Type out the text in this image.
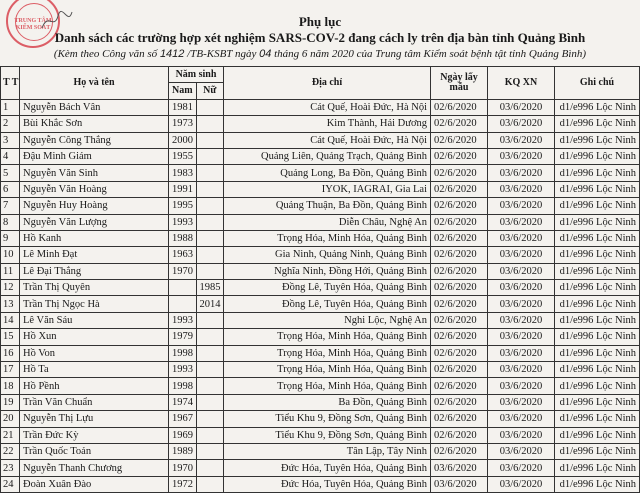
TRUNG TÂM KIỂM SOÁT	Phụ lục
Danh sách các trường hợp xét nghiệm SARS-COV-2 đang cách ly trên địa bàn tỉnh Quảng Bình
(Kèm theo Công văn số 1412 /TB-KSBT ngày 04 tháng 6 năm 2020 của Trung tâm Kiểm soát bệnh tật tỉnh Quảng Bình)
T T	Họ và tên	Năm sinh		Địa chỉ	Ngày lấy mẫu	KQ XN	Ghi chú
		Nam	Nữ				
1	Nguyễn Bách Vân	1981		Cát Quế, Hoài Đức, Hà Nội	02/6/2020	03/6/2020	d1/e996 Lộc Ninh
2	Bùi Khắc Sơn	1973		Kim Thành, Hải Dương	02/6/2020	03/6/2020	d1/e996 Lộc Ninh
3	Nguyễn Công Thắng	2000		Cát Quế, Hoài Đức, Hà Nội	02/6/2020	03/6/2020	d1/e996 Lộc Ninh
4	Đậu Minh Giám	1955		Quảng Liên, Quảng Trạch, Quảng Bình	02/6/2020	03/6/2020	d1/e996 Lộc Ninh
5	Nguyễn Văn Sinh	1983		Quảng Long, Ba Đồn, Quảng Bình	02/6/2020	03/6/2020	d1/e996 Lộc Ninh
6	Nguyễn Văn Hoàng	1991		IYOK, IAGRAI, Gia Lai	02/6/2020	03/6/2020	d1/e996 Lộc Ninh
7	Nguyễn Huy Hoàng	1995		Quảng Thuận, Ba Đồn, Quảng Bình	02/6/2020	03/6/2020	d1/e996 Lộc Ninh
8	Nguyễn Văn Lượng	1993		Diễn Châu, Nghệ An	02/6/2020	03/6/2020	d1/e996 Lộc Ninh
9	Hồ Kanh	1988		Trọng Hóa, Minh Hóa, Quảng Bình	02/6/2020	03/6/2020	d1/e996 Lộc Ninh
10	Lê Minh Đạt	1963		Gia Ninh, Quảng Ninh, Quảng Bình	02/6/2020	03/6/2020	d1/e996 Lộc Ninh
11	Lê Đại Thắng	1970		Nghĩa Ninh, Đồng Hới, Quảng Bình	02/6/2020	03/6/2020	d1/e996 Lộc Ninh
12	Trần Thị Quyên		1985	Đồng Lê, Tuyên Hóa, Quảng Bình	02/6/2020	03/6/2020	d1/e996 Lộc Ninh
13	Trần Thị Ngọc Hà		2014	Đồng Lê, Tuyên Hóa, Quảng Bình	02/6/2020	03/6/2020	d1/e996 Lộc Ninh
14	Lê Văn Sáu	1993		Nghi Lộc, Nghệ An	02/6/2020	03/6/2020	d1/e996 Lộc Ninh
15	Hồ Xun	1979		Trọng Hóa, Minh Hóa, Quảng Bình	02/6/2020	03/6/2020	d1/e996 Lộc Ninh
16	Hồ Von	1998		Trọng Hóa, Minh Hóa, Quảng Bình	02/6/2020	03/6/2020	d1/e996 Lộc Ninh
17	Hồ Ta	1993		Trọng Hóa, Minh Hóa, Quảng Bình	02/6/2020	03/6/2020	d1/e996 Lộc Ninh
18	Hồ Pềnh	1998		Trọng Hóa, Minh Hóa, Quảng Bình	02/6/2020	03/6/2020	d1/e996 Lộc Ninh
19	Trần Văn Chuẩn	1974		Ba Đồn, Quảng Bình	02/6/2020	03/6/2020	d1/e996 Lộc Ninh
20	Nguyễn Thị Lựu	1967		Tiểu Khu 9, Đồng Sơn, Quảng Bình	02/6/2020	03/6/2020	d1/e996 Lộc Ninh
21	Trần Đức Kỳ	1969		Tiểu Khu 9, Đồng Sơn, Quảng Bình	02/6/2020	03/6/2020	d1/e996 Lộc Ninh
22	Trần Quốc Toản	1989		Tân Lập, Tây Ninh	02/6/2020	03/6/2020	d1/e996 Lộc Ninh
23	Nguyễn Thanh Chương	1970		Đức Hóa, Tuyên Hóa, Quảng Bình	03/6/2020	03/6/2020	d1/e996 Lộc Ninh
24	Đoàn Xuân Đào	1972		Đức Hóa, Tuyên Hóa, Quảng Bình	03/6/2020	03/6/2020	d1/e996 Lộc Ninh
